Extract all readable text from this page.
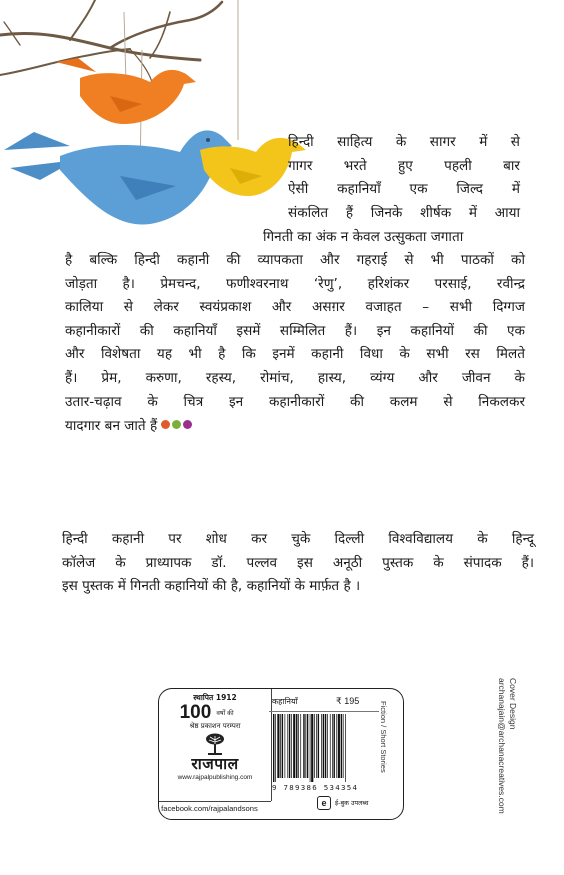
हिन्दी साहित्य के सागर में से
गागर भरते हुए पहली बार
ऐसी कहानियाँ एक जिल्द में
संकलित हैं जिनके शीर्षक में आया
गिनती का अंक न केवल उत्सुकता जगाता
है बल्कि हिन्दी कहानी की व्यापकता और गहराई से भी पाठकों को
जोड़ता है। प्रेमचन्द, फणीश्वरनाथ ‘रेणु’, हरिशंकर परसाई, रवीन्द्र
कालिया से लेकर स्वयंप्रकाश और असग़र वजाहत – सभी दिग्गज
कहानीकारों की कहानियाँ इसमें सम्मिलित हैं। इन कहानियों की एक
और विशेषता यह भी है कि इनमें कहानी विधा के सभी रस मिलते
हैं। प्रेम, करुणा, रहस्य, रोमांच, हास्य, व्यंग्य और जीवन के
उतार-चढ़ाव के चित्र इन कहानीकारों की कलम से निकलकर
यादगार बन जाते हैं
हिन्दी कहानी पर शोध कर चुके दिल्ली विश्वविद्यालय के हिन्दू
कॉलेज के प्राध्यापक डॉ. पल्लव इस अनूठी पुस्तक के संपादक हैं।
इस पुस्तक में गिनती कहानियों की है, कहानियों के मार्फ़त है ।
Cover Design
archanajain@archanacreatives.com
स्थापित 1912
100 वर्षों की
श्रेष्ठ प्रकाशन परम्परा
राजपाल
www.rajpalpublishing.com
facebook.com/rajpalandsons
कहानियाँ	₹ 195
9 789386 534354
Fiction / Short Stories
e	ई-बुक उपलब्ध
